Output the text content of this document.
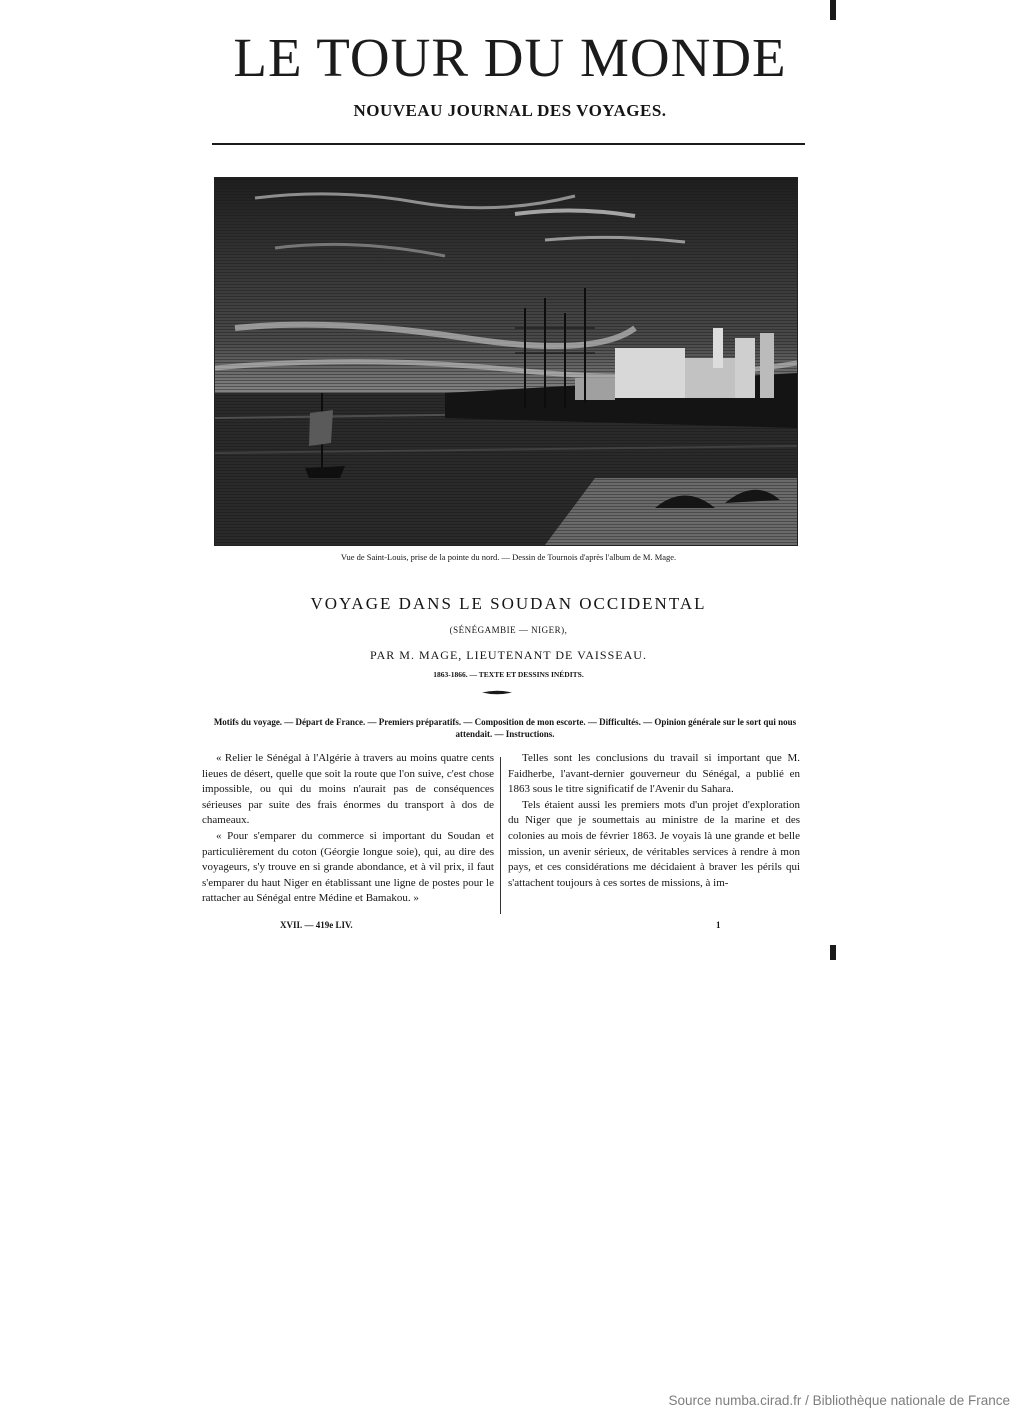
LE TOUR DU MONDE
NOUVEAU JOURNAL DES VOYAGES.
Vue de Saint-Louis, prise de la pointe du nord. — Dessin de Tournois d'après l'album de M. Mage.
VOYAGE DANS LE SOUDAN OCCIDENTAL
(SÉNÉGAMBIE — NIGER),
PAR M. MAGE, LIEUTENANT DE VAISSEAU.
1863-1866. — TEXTE ET DESSINS INÉDITS.
Motifs du voyage. — Départ de France. — Premiers préparatifs. — Composition de mon escorte. — Difficultés. — Opinion générale sur le sort qui nous attendait. — Instructions.

« Relier le Sénégal à l'Algérie à travers au moins quatre cents lieues de désert, quelle que soit la route que l'on suive, c'est chose impossible, ou qui du moins n'aurait pas de conséquences sérieuses par suite des frais énormes du transport à dos de chameaux.

« Pour s'emparer du commerce si important du Soudan et particulièrement du coton (Géorgie longue soie), qui, au dire des voyageurs, s'y trouve en si grande abondance, et à vil prix, il faut s'emparer du haut Niger en établissant une ligne de postes pour le rattacher au Sénégal entre Médine et Bamakou. »

Telles sont les conclusions du travail si important que M. Faidherbe, l'avant-dernier gouverneur du Sénégal, a publié en 1863 sous le titre significatif de l'Avenir du Sahara.

Tels étaient aussi les premiers mots d'un projet d'exploration du Niger que je soumettais au ministre de la marine et des colonies au mois de février 1863. Je voyais là une grande et belle mission, un avenir sérieux, de véritables services à rendre à mon pays, et ces considérations me décidaient à braver les périls qui s'attachent toujours à ces sortes de missions, à im-

XVII. — 419e LIV.	1
Source numba.cirad.fr / Bibliothèque nationale de France
